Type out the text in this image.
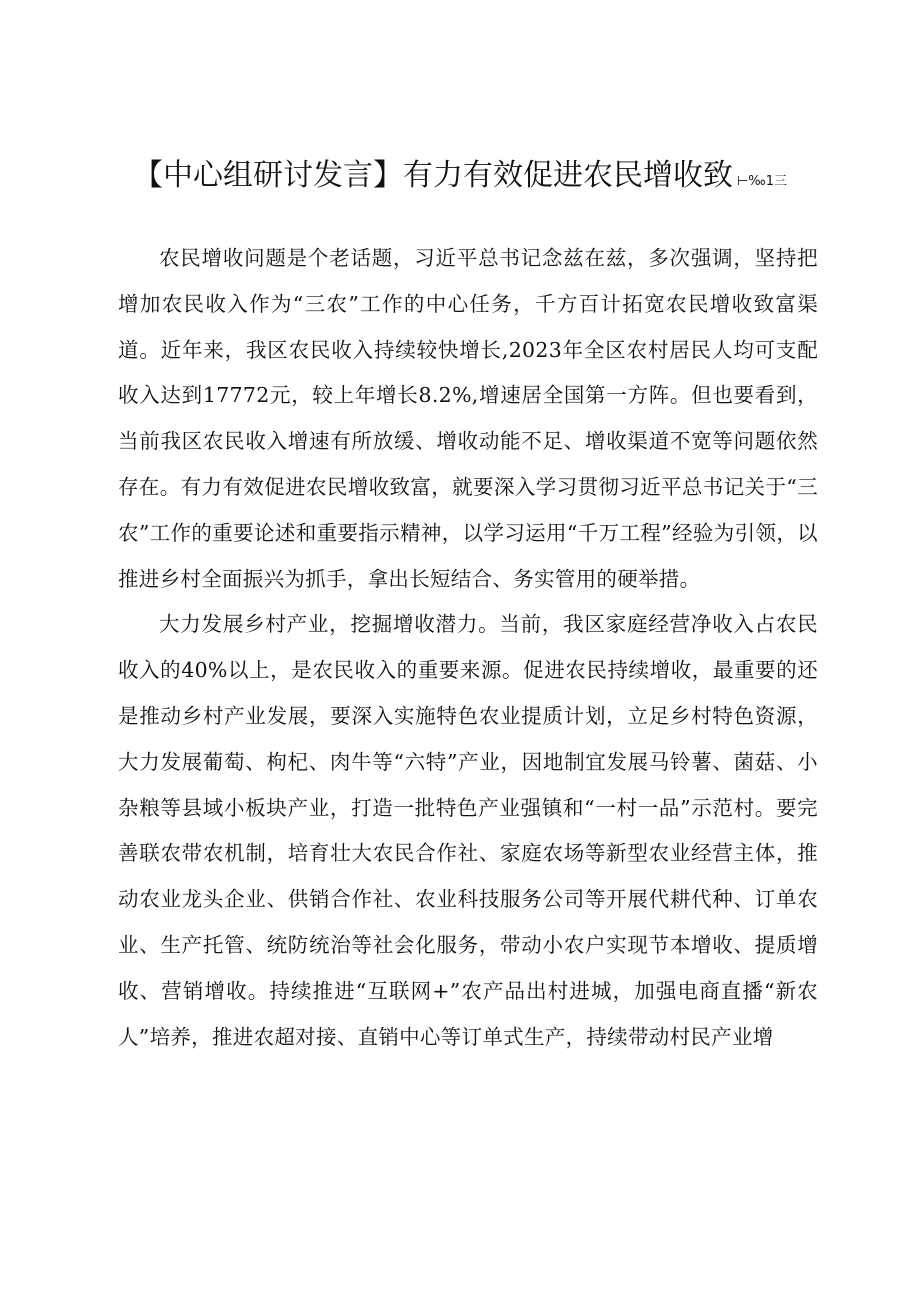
【中心组研讨发言】有力有效促进农民增收致 ⊢‰1三

农民增收问题是个老话题，习近平总书记念兹在兹，多次强调，坚持把增加农民收入作为“三农”工作的中心任务，千方百计拓宽农民增收致富渠道。近年来，我区农民收入持续较快增长,2023年全区农村居民人均可支配收入达到17772元，较上年增长8.2%,增速居全国第一方阵。但也要看到，当前我区农民收入增速有所放缓、增收动能不足、增收渠道不宽等问题依然存在。有力有效促进农民增收致富，就要深入学习贯彻习近平总书记关于“三农”工作的重要论述和重要指示精神，以学习运用“千万工程”经验为引领，以推进乡村全面振兴为抓手，拿出长短结合、务实管用的硬举措。

大力发展乡村产业，挖掘增收潜力。当前，我区家庭经营净收入占农民收入的40%以上，是农民收入的重要来源。促进农民持续增收，最重要的还是推动乡村产业发展，要深入实施特色农业提质计划，立足乡村特色资源，大力发展葡萄、枸杞、肉牛等“六特”产业，因地制宜发展马铃薯、菌菇、小杂粮等县域小板块产业，打造一批特色产业强镇和“一村一品”示范村。要完善联农带农机制，培育壮大农民合作社、家庭农场等新型农业经营主体，推动农业龙头企业、供销合作社、农业科技服务公司等开展代耕代种、订单农业、生产托管、统防统治等社会化服务，带动小农户实现节本增收、提质增收、营销增收。持续推进“互联网+”农产品出村进城，加强电商直播“新农人”培养，推进农超对接、直销中心等订单式生产，持续带动村民产业增
